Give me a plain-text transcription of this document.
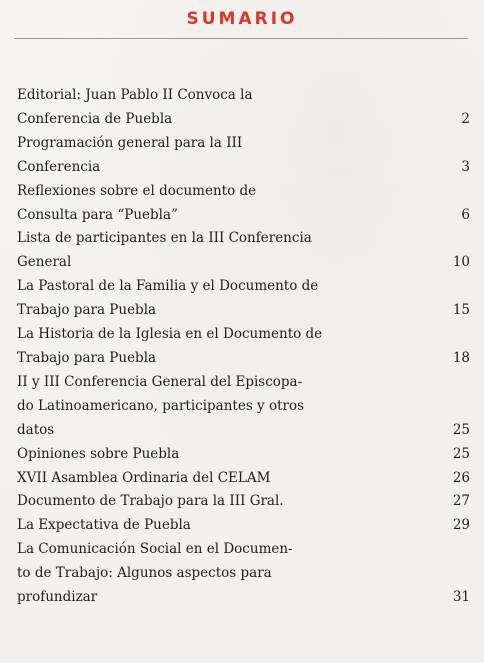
SUMARIO
Editorial: Juan Pablo II Convoca la
Conferencia de Puebla	2
Programación general para la III
Conferencia	3
Reflexiones sobre el documento de
Consulta para “Puebla”	6
Lista de participantes en la III Conferencia
General	10
La Pastoral de la Familia y el Documento de
Trabajo para Puebla	15
La Historia de la Iglesia en el Documento de
Trabajo para Puebla	18
II y III Conferencia General del Episcopa-
do Latinoamericano, participantes y otros
datos	25
Opiniones sobre Puebla	25
XVII Asamblea Ordinaria del CELAM	26
Documento de Trabajo para la III Gral.	27
La Expectativa de Puebla	29
La Comunicación Social en el Documen-
to de Trabajo: Algunos aspectos para
profundizar	31
